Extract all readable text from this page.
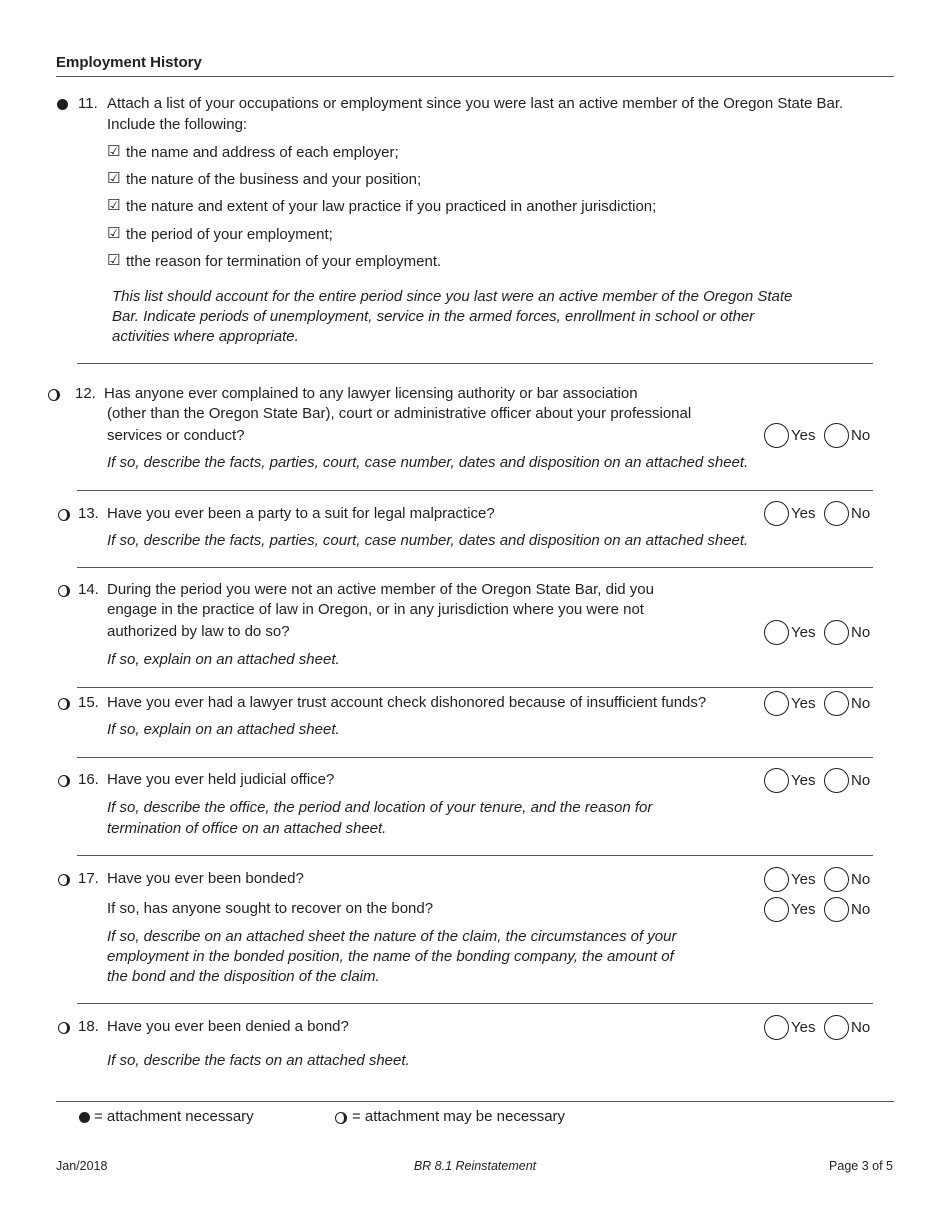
Employment History
11. Attach a list of your occupations or employment since you were last an active member of the Oregon State Bar.
Include the following:
☑ the name and address of each employer;
☑ the nature of the business and your position;
☑ the nature and extent of your law practice if you practiced in another jurisdiction;
☑ the period of your employment;
☑ tthe reason for termination of your employment.
This list should account for the entire period since you last were an active member of the Oregon State
Bar. Indicate periods of unemployment, service in the armed forces, enrollment in school or other
activities where appropriate.
12. Has anyone ever complained to any lawyer licensing authority or bar association
(other than the Oregon State Bar), court or administrative officer about your professional
services or conduct?
If so, describe the facts, parties, court, case number, dates and disposition on an attached sheet.
Yes No
13. Have you ever been a party to a suit for legal malpractice?
If so, describe the facts, parties, court, case number, dates and disposition on an attached sheet.
Yes No
14. During the period you were not an active member of the Oregon State Bar, did you
engage in the practice of law in Oregon, or in any jurisdiction where you were not
authorized by law to do so?
If so, explain on an attached sheet.
Yes No
15. Have you ever had a lawyer trust account check dishonored because of insufficient funds?
If so, explain on an attached sheet.
Yes No
16. Have you ever held judicial office?
If so, describe the office, the period and location of your tenure, and the reason for
termination of office on an attached sheet.
Yes No
17. Have you ever been bonded?
If so, has anyone sought to recover on the bond?
If so, describe on an attached sheet the nature of the claim, the circumstances of your
employment in the bonded position, the name of the bonding company, the amount of
the bond and the disposition of the claim.
Yes No
Yes No
18. Have you ever been denied a bond?
If so, describe the facts on an attached sheet.
Yes No
= attachment necessary	= attachment may be necessary
Jan/2018	BR 8.1 Reinstatement	Page 3 of 5
